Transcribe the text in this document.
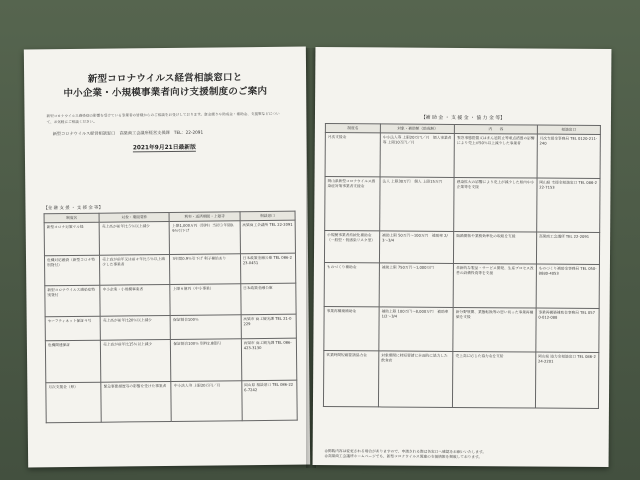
新型コロナウイルス経営相談窓口と
中小企業・小規模事業者向け支援制度のご案内
新型コロナウイルス感染症の影響を受けている事業者の皆様からのご相談をお受けしております。資金繰りや助成金・補助金、支援策などについて、お気軽にご相談ください。
新型コロナウイルス経営相談窓口　高梁商工会議所経営支援課　TEL：22-2091
2021年9月21日最新版
【金 融 支 援 ・ 支 援 金 等】
制度名	対象・期間要件	利率・返済期間・上限等	相談窓口
新型コロナ対策マル経	売上高が前年比５％以上減少	上限1,000万円（別枠）当初３年間0.9％引下げ	高梁商工会議所 TEL 22-2091
危機対応融資（新型コロナ特別貸付）	売上高が前年又は前々年比５％以上減少した事業者	3年間0.9％引下げ 利子補給あり	日本政策金融公庫 TEL 086-223-0451
新型コロナウイルス感染症特別貸付	中小企業・小規模事業者	上限６億円（中小事業）	日本政策金融公庫
セーフティネット保証４号	売上高が前年比20％以上減少	保証割合100％	高梁市 商工観光課 TEL 21-0229
危機関連保証	売上高が前年比15％以上減少	保証割合100％ 別枠2.8億円	高梁市 商工観光課 TEL 086-423-3130
月次支援金（県）	緊急事態措置等の影響を受けた事業者	中小法人等 上限20万円／月	岡山県 相談窓口 TEL 086-226-7242
【補 助 金 ・ 支 援 金 ・ 協 力 金 等】
制度名	対象・補助額（助成額）	内　　容	相談窓口
月次支援金	中小法人等 上限20万円／月　個人事業者等 上限10万円／月	緊急事態措置又はまん延防止等重点措置の影響により売上が50％以上減少した事業者	月次支援金事務局 TEL 0120-211-240
岡山県新型コロナウイルス感染症対策事業者支援金	法人 上限30万円　個人 上限15万円	感染拡大の影響により売上が減少した県内中小企業等を支援	岡山県 支援金相談窓口 TEL 086-222-7153
小規模事業者持続化補助金（一般型・低感染リスク型）	補助上限 50万円〜100万円　補助率 2/3〜3/4	販路開拓や業務効率化の取組を支援	高梁商工会議所 TEL 22-2091
ものづくり補助金	補助上限 750万円〜1,000万円	革新的な製品・サービス開発、生産プロセス改善の設備投資等を支援	ものづくり補助金事務局 TEL 050-8880-4053
事業再構築補助金	補助上限 100万円〜8,000万円　補助率 1/2〜3/4	新分野展開、業態転換等の思い切った事業再構築を支援	事業再構築補助金事務局 TEL 0570-012-088
営業時間短縮要請協力金	対象期間に時短要請に全面的に協力した飲食店	売上高に応じた協力金を支給	岡山県 協力金相談窓口 TEL 086-224-2201
◎掲載内容は変更される場合がありますので、申請される際は各窓口へ確認をお願いいたします。
◎高梁商工会議所ホームページでも、新型コロナウイルス関連の支援情報を掲載しております。
